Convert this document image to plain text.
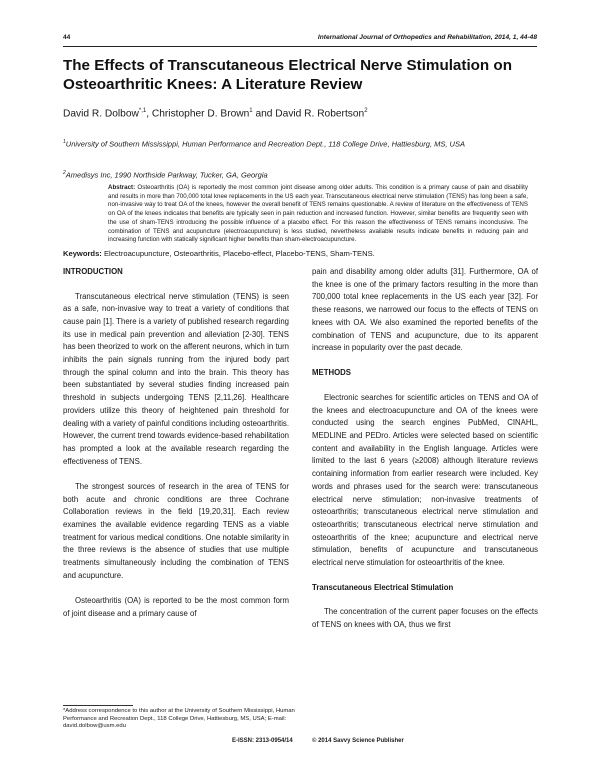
44	International Journal of Orthopedics and Rehabilitation, 2014, 1, 44-48
The Effects of Transcutaneous Electrical Nerve Stimulation on Osteoarthritic Knees: A Literature Review
David R. Dolbow$^{*,1}$, Christopher D. Brown$^1$ and David R. Robertson$^2$
$^1$University of Southern Mississippi, Human Performance and Recreation Dept., 118 College Drive, Hattiesburg, MS, USA
$^2$Amedisys Inc, 1990 Northside Parkway, Tucker, GA, Georgia

Abstract: Osteoarthritis (OA) is reportedly the most common joint disease among older adults. This condition is a primary cause of pain and disability and results in more than 700,000 total knee replacements in the US each year. Transcutaneous electrical nerve stimulation (TENS) has long been a safe, non-invasive way to treat OA of the knees, however the overall benefit of TENS remains questionable. A review of literature on the effectiveness of TENS on OA of the knees indicates that benefits are typically seen in pain reduction and increased function. However, similar benefits are frequently seen with the use of sham-TENS introducing the possible influence of a placebo effect. For this reason the effectiveness of TENS remains inconclusive. The combination of TENS and acupuncture (electroacupuncture) is less studied, nevertheless available results indicate benefits in reducing pain and increasing function with statically significant higher benefits than sham-electroacupuncture.

Keywords: Electroacupuncture, Osteoarthritis, Placebo-effect, Placebo-TENS, Sham-TENS.
INTRODUCTION

Transcutaneous electrical nerve stimulation (TENS) is seen as a safe, non-invasive way to treat a variety of conditions that cause pain [1]. There is a variety of published research regarding its use in medical pain prevention and alleviation [2-30]. TENS has been theorized to work on the afferent neurons, which in turn inhibits the pain signals running from the injured body part through the spinal column and into the brain. This theory has been substantiated by several studies finding increased pain threshold in subjects undergoing TENS [2,11,26]. Healthcare providers utilize this theory of heightened pain threshold for dealing with a variety of painful conditions including osteoarthritis. However, the current trend towards evidence-based rehabilitation has prompted a look at the available research regarding the effectiveness of TENS.

The strongest sources of research in the area of TENS for both acute and chronic conditions are three Cochrane Collaboration reviews in the field [19,20,31]. Each review examines the available evidence regarding TENS as a viable treatment for various medical conditions. One notable similarity in the three reviews is the absence of studies that use multiple treatments simultaneously including the combination of TENS and acupuncture.

Osteoarthritis (OA) is reported to be the most common form of joint disease and a primary cause of

pain and disability among older adults [31]. Furthermore, OA of the knee is one of the primary factors resulting in the more than 700,000 total knee replacements in the US each year [32]. For these reasons, we narrowed our focus to the effects of TENS on knees with OA. We also examined the reported benefits of the combination of TENS and acupuncture, due to its apparent increase in popularity over the past decade.

METHODS

Electronic searches for scientific articles on TENS and OA of the knees and electroacupuncture and OA of the knees were conducted using the search engines PubMed, CINAHL, MEDLINE and PEDro. Articles were selected based on scientific content and availability in the English language. Articles were limited to the last 6 years (≥2008) although literature reviews containing information from earlier research were included. Key words and phrases used for the search were: transcutaneous electrical nerve stimulation; non-invasive treatments of osteoarthritis; transcutaneous electrical nerve stimulation and osteoarthritis; transcutaneous electrical nerve stimulation and osteoarthritis of the knee; acupuncture and electrical nerve stimulation, benefits of acupuncture and transcutaneous electrical nerve stimulation for osteoarthritis of the knee.

Transcutaneous Electrical Stimulation

The concentration of the current paper focuses on the effects of TENS on knees with OA, thus we first

*Address correspondence to this author at the University of Southern Mississippi, Human Performance and Recreation Dept., 118 College Drive, Hattiesburg, MS, USA; E-mail: david.dolbow@usm.edu
E-ISSN: 2313-0954/14	© 2014 Savvy Science Publisher
